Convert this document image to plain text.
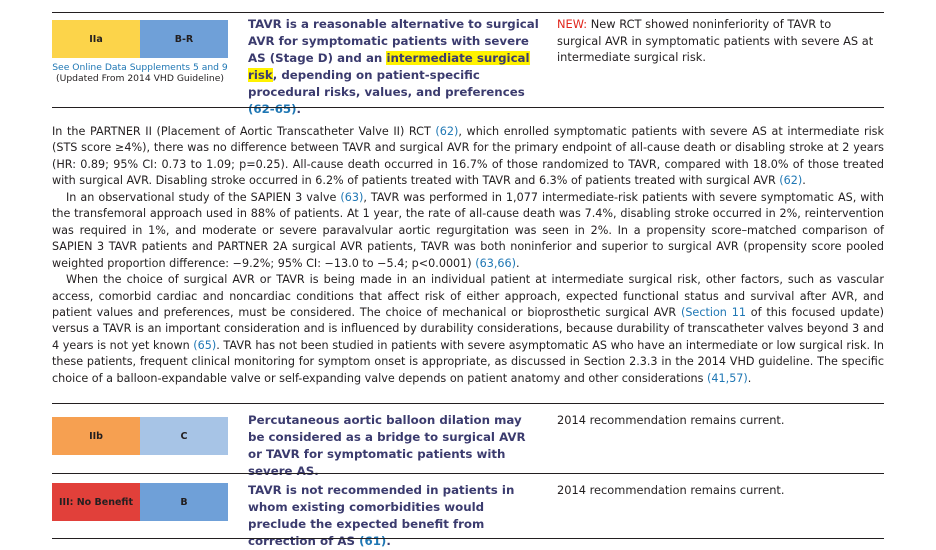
IIa	B-R
See Online Data Supplements 5 and 9
(Updated From 2014 VHD Guideline)
TAVR is a reasonable alternative to surgical AVR for symptomatic patients with severe AS (Stage D) and an intermediate surgical risk, depending on patient-specific procedural risks, values, and preferences (62-65).
NEW: New RCT showed noninferiority of TAVR to surgical AVR in symptomatic patients with severe AS at intermediate surgical risk.

In the PARTNER II (Placement of Aortic Transcatheter Valve II) RCT (62), which enrolled symptomatic patients with severe AS at intermediate risk (STS score ≥4%), there was no difference between TAVR and surgical AVR for the primary endpoint of all-cause death or disabling stroke at 2 years (HR: 0.89; 95% CI: 0.73 to 1.09; p=0.25). All-cause death occurred in 16.7% of those randomized to TAVR, compared with 18.0% of those treated with surgical AVR. Disabling stroke occurred in 6.2% of patients treated with TAVR and 6.3% of patients treated with surgical AVR (62).

In an observational study of the SAPIEN 3 valve (63), TAVR was performed in 1,077 intermediate-risk patients with severe symptomatic AS, with the transfemoral approach used in 88% of patients. At 1 year, the rate of all-cause death was 7.4%, disabling stroke occurred in 2%, reintervention was required in 1%, and moderate or severe paravalvular aortic regurgitation was seen in 2%. In a propensity score–matched comparison of SAPIEN 3 TAVR patients and PARTNER 2A surgical AVR patients, TAVR was both noninferior and superior to surgical AVR (propensity score pooled weighted proportion difference: −9.2%; 95% CI: −13.0 to −5.4; p<0.0001) (63,66).

When the choice of surgical AVR or TAVR is being made in an individual patient at intermediate surgical risk, other factors, such as vascular access, comorbid cardiac and noncardiac conditions that affect risk of either approach, expected functional status and survival after AVR, and patient values and preferences, must be considered. The choice of mechanical or bioprosthetic surgical AVR (Section 11 of this focused update) versus a TAVR is an important consideration and is influenced by durability considerations, because durability of transcatheter valves beyond 3 and 4 years is not yet known (65). TAVR has not been studied in patients with severe asymptomatic AS who have an intermediate or low surgical risk. In these patients, frequent clinical monitoring for symptom onset is appropriate, as discussed in Section 2.3.3 in the 2014 VHD guideline. The specific choice of a balloon-expandable valve or self-expanding valve depends on patient anatomy and other considerations (41,57).

IIb	C
Percutaneous aortic balloon dilation may be considered as a bridge to surgical AVR or TAVR for symptomatic patients with severe AS.
2014 recommendation remains current.
III: No Benefit	B
TAVR is not recommended in patients in whom existing comorbidities would preclude the expected benefit from correction of AS (61).
2014 recommendation remains current.
